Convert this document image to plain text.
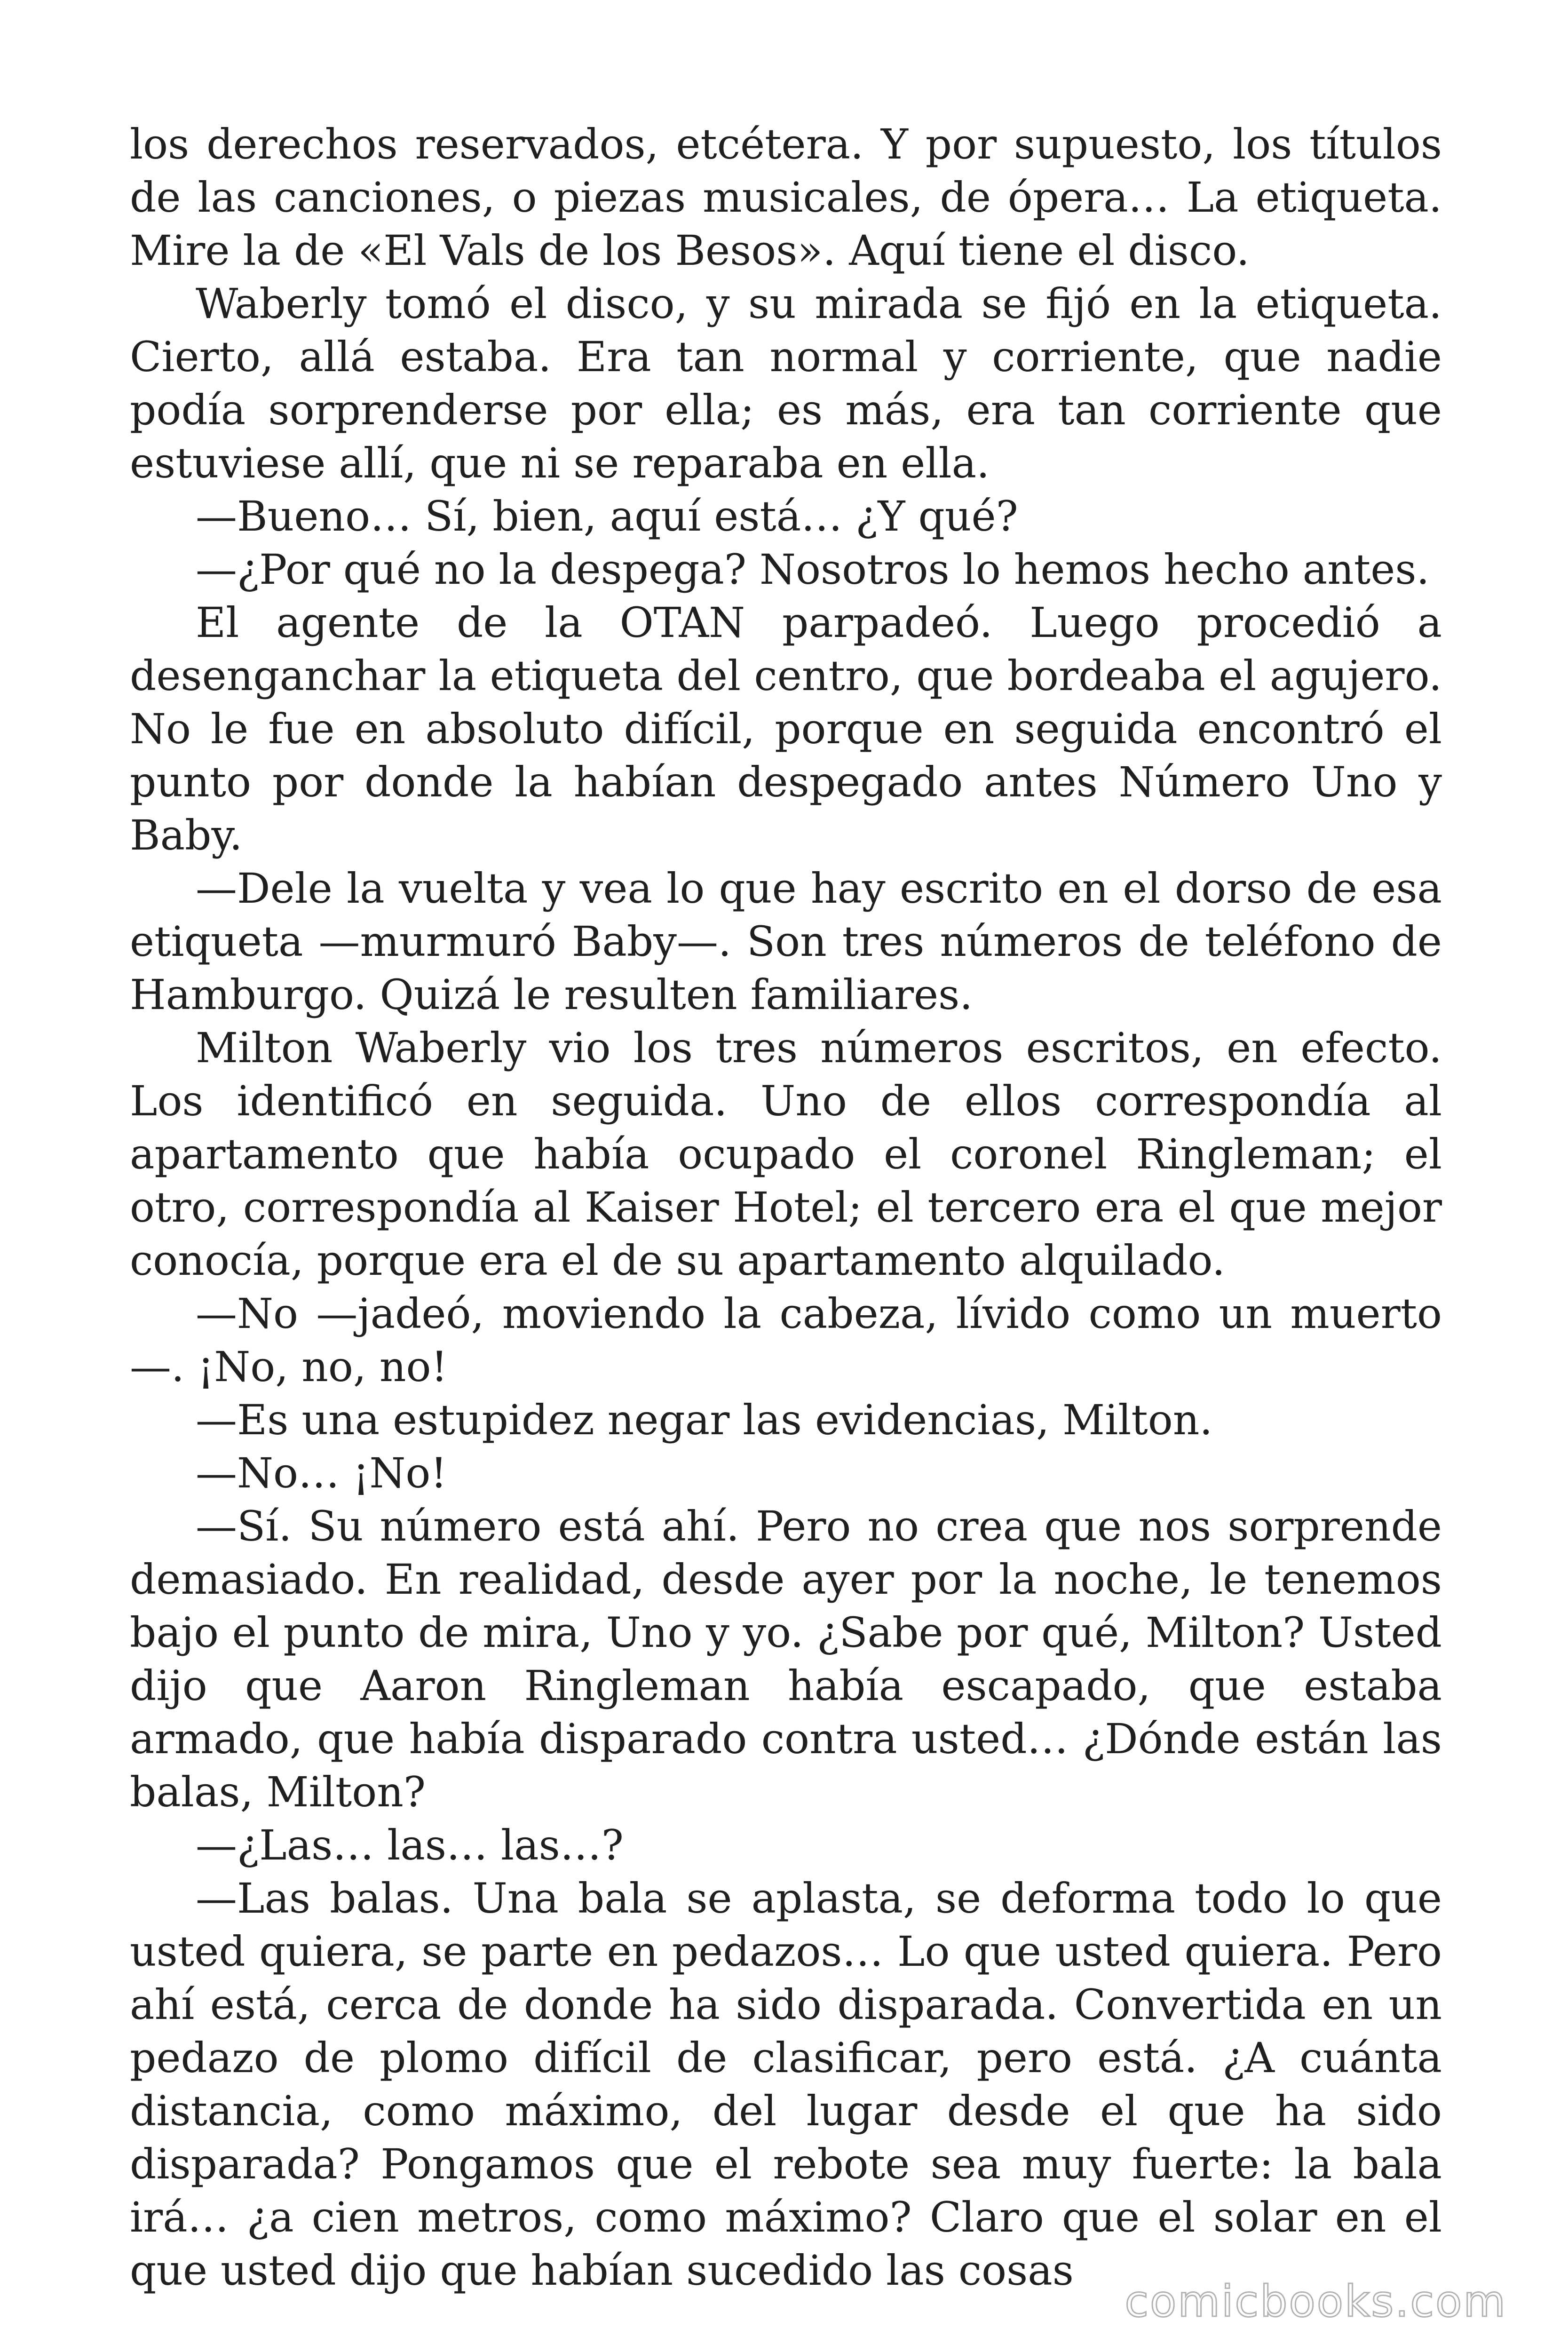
los derechos reservados, etcétera. Y por supuesto, los títulos de las canciones, o piezas musicales, de ópera… La etiqueta. Mire la de «El Vals de los Besos». Aquí tiene el disco.

Waberly tomó el disco, y su mirada se fijó en la etiqueta. Cierto, allá estaba. Era tan normal y corriente, que nadie podía sorprenderse por ella; es más, era tan corriente que estuviese allí, que ni se reparaba en ella.

—Bueno… Sí, bien, aquí está… ¿Y qué?

—¿Por qué no la despega? Nosotros lo hemos hecho antes.

El agente de la OTAN parpadeó. Luego procedió a desenganchar la etiqueta del centro, que bordeaba el agujero. No le fue en absoluto difícil, porque en seguida encontró el punto por donde la habían despegado antes Número Uno y Baby.

—Dele la vuelta y vea lo que hay escrito en el dorso de esa etiqueta —murmuró Baby—. Son tres números de teléfono de Hamburgo. Quizá le resulten familiares.

Milton Waberly vio los tres números escritos, en efecto. Los identificó en seguida. Uno de ellos correspondía al apartamento que había ocupado el coronel Ringleman; el otro, correspondía al Kaiser Hotel; el tercero era el que mejor conocía, porque era el de su apartamento alquilado.

—No —jadeó, moviendo la cabeza, lívido como un muerto—. ¡No, no, no!

—Es una estupidez negar las evidencias, Milton.

—No… ¡No!

—Sí. Su número está ahí. Pero no crea que nos sorprende demasiado. En realidad, desde ayer por la noche, le tenemos bajo el punto de mira, Uno y yo. ¿Sabe por qué, Milton? Usted dijo que Aaron Ringleman había escapado, que estaba armado, que había disparado contra usted… ¿Dónde están las balas, Milton?

—¿Las… las… las…?

—Las balas. Una bala se aplasta, se deforma todo lo que usted quiera, se parte en pedazos… Lo que usted quiera. Pero ahí está, cerca de donde ha sido disparada. Convertida en un pedazo de plomo difícil de clasificar, pero está. ¿A cuánta distancia, como máximo, del lugar desde el que ha sido disparada? Pongamos que el rebote sea muy fuerte: la bala irá… ¿a cien metros, como máximo? Claro que el solar en el que usted dijo que habían sucedido las cosas

comicbooks.com
